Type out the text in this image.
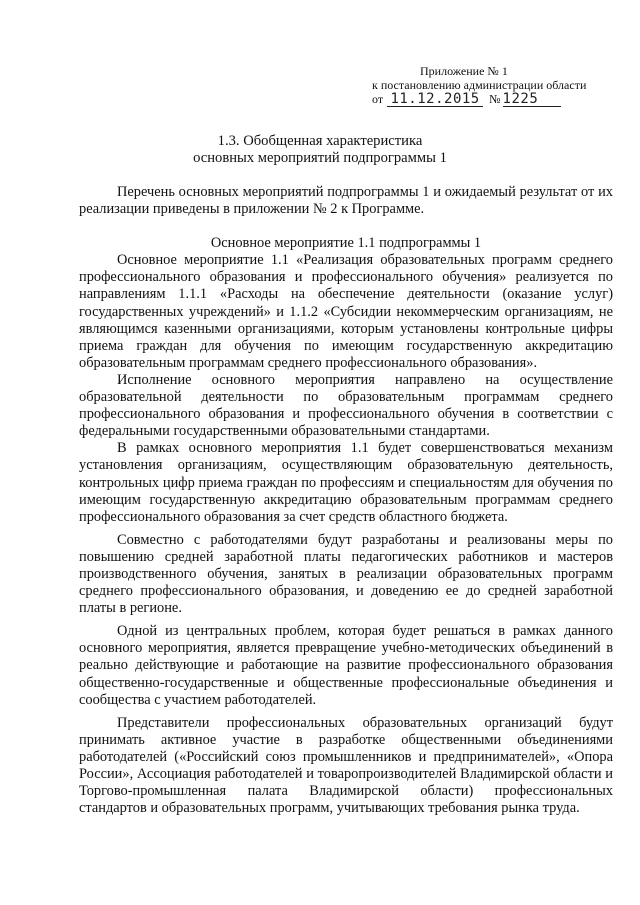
Приложение № 1
к постановлению администрации области
от 11.12.2015 № 1225
1.3. Обобщенная характеристика
основных мероприятий подпрограммы 1

Перечень основных мероприятий подпрограммы 1 и ожидаемый результат от их реализации приведены в приложении № 2 к Программе.

Основное мероприятие 1.1 подпрограммы 1

Основное мероприятие 1.1 «Реализация образовательных программ среднего профессионального образования и профессионального обучения» реализуется по направлениям 1.1.1 «Расходы на обеспечение деятельности (оказание услуг) государственных учреждений» и 1.1.2 «Субсидии некоммерческим организациям, не являющимся казенными организациями, которым установлены контрольные цифры приема граждан для обучения по имеющим государственную аккредитацию образовательным программам среднего профессионального образования».

Исполнение основного мероприятия направлено на осуществление образовательной деятельности по образовательным программам среднего профессионального образования и профессионального обучения в соответствии с федеральными государственными образовательными стандартами.

В рамках основного мероприятия 1.1 будет совершенствоваться механизм установления организациям, осуществляющим образовательную деятельность, контрольных цифр приема граждан по профессиям и специальностям для обучения по имеющим государственную аккредитацию образовательным программам среднего профессионального образования за счет средств областного бюджета.

Совместно с работодателями будут разработаны и реализованы меры по повышению средней заработной платы педагогических работников и мастеров производственного обучения, занятых в реализации образовательных программ среднего профессионального образования, и доведению ее до средней заработной платы в регионе.

Одной из центральных проблем, которая будет решаться в рамках данного основного мероприятия, является превращение учебно-методических объединений в реально действующие и работающие на развитие профессионального образования общественно-государственные и общественные профессиональные объединения и сообщества с участием работодателей.

Представители профессиональных образовательных организаций будут принимать активное участие в разработке общественными объединениями работодателей («Российский союз промышленников и предпринимателей», «Опора России», Ассоциация работодателей и товаропроизводителей Владимирской области и Торгово-промышленная палата Владимирской области) профессиональных стандартов и образовательных программ, учитывающих требования рынка труда.
